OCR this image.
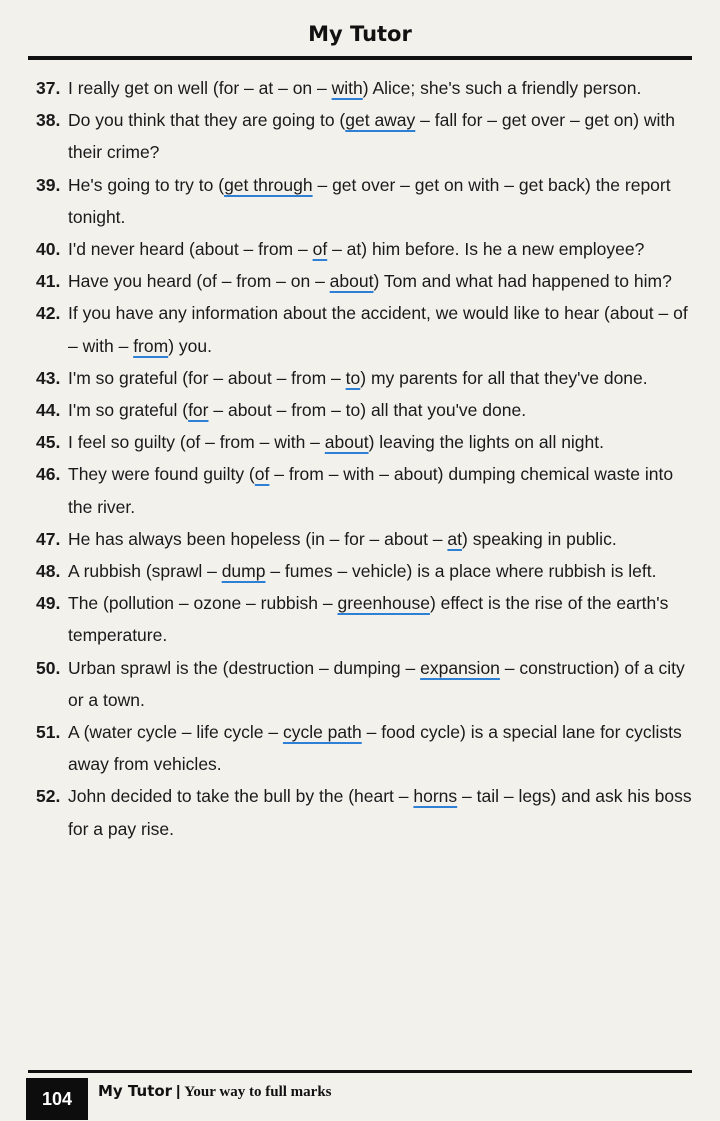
My Tutor
37. I really get on well (for – at – on – with) Alice; she's such a friendly person.
38. Do you think that they are going to (get away – fall for – get over – get on) with their crime?
39. He's going to try to (get through – get over – get on with – get back) the report tonight.
40. I'd never heard (about – from – of – at) him before. Is he a new employee?
41. Have you heard (of – from – on – about) Tom and what had happened to him?
42. If you have any information about the accident, we would like to hear (about – of – with – from) you.
43. I'm so grateful (for – about – from – to) my parents for all that they've done.
44. I'm so grateful (for – about – from – to) all that you've done.
45. I feel so guilty (of – from – with – about) leaving the lights on all night.
46. They were found guilty (of – from – with – about) dumping chemical waste into the river.
47. He has always been hopeless (in – for – about – at) speaking in public.
48. A rubbish (sprawl – dump – fumes – vehicle) is a place where rubbish is left.
49. The (pollution – ozone – rubbish – greenhouse) effect is the rise of the earth's temperature.
50. Urban sprawl is the (destruction – dumping – expansion – construction) of a city or a town.
51. A (water cycle – life cycle – cycle path – food cycle) is a special lane for cyclists away from vehicles.
52. John decided to take the bull by the (heart – horns – tail – legs) and ask his boss for a pay rise.
104	My Tutor | Your way to full marks
